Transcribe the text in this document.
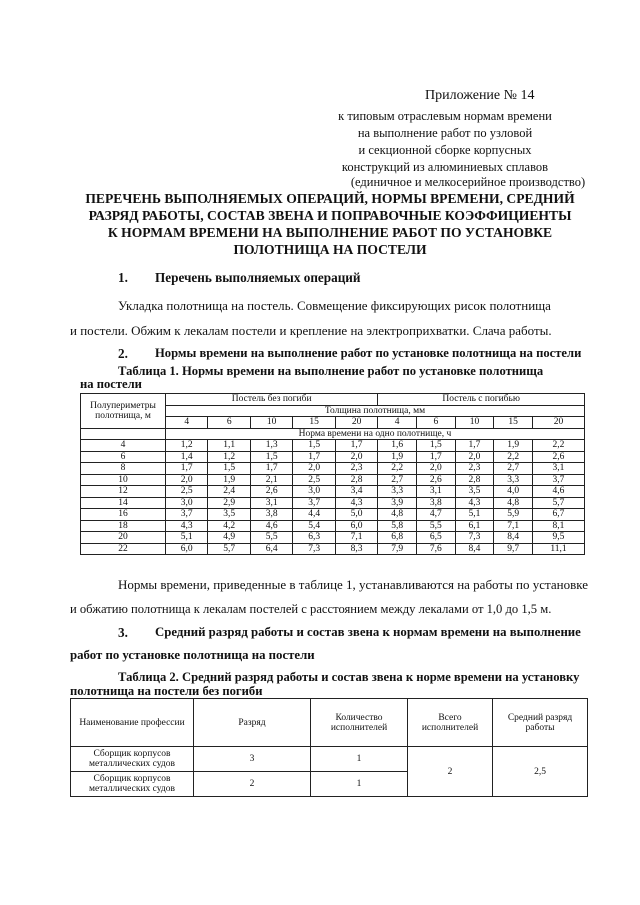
Приложение № 14
к типовым отраслевым нормам времени
на выполнение работ по узловой
и секционной сборке корпусных
конструкций из алюминиевых сплавов
(единичное и мелкосерийное производство)
ПЕРЕЧЕНЬ ВЫПОЛНЯЕМЫХ ОПЕРАЦИЙ, НОРМЫ ВРЕМЕНИ, СРЕДНИЙ
РАЗРЯД РАБОТЫ, СОСТАВ ЗВЕНА И ПОПРАВОЧНЫЕ КОЭФФИЦИЕНТЫ
К НОРМАМ ВРЕМЕНИ НА ВЫПОЛНЕНИЕ РАБОТ ПО УСТАНОВКЕ
ПОЛОТНИЩА НА ПОСТЕЛИ
1. Перечень выполняемых операций
Укладка полотнища на постель. Совмещение фиксирующих рисок полотнища
и постели. Обжим к лекалам постели и крепление на электроприхватки. Слача работы.
2. Нормы времени на выполнение работ по установке полотнища на постели
Таблица 1. Нормы времени на выполнение работ по установке полотнища
на постели
Полупериметры полотнища, м	Постель без погиби					Постель с погибью				
	Толщина полотнища, мм									
	4	6	10	15	20	4	6	10	15	20
	Норма времени на одно полотнище, ч									
4	1,2	1,1	1,3	1,5	1,7	1,6	1,5	1,7	1,9	2,2
6	1,4	1,2	1,5	1,7	2,0	1,9	1,7	2,0	2,2	2,6
8	1,7	1,5	1,7	2,0	2,3	2,2	2,0	2,3	2,7	3,1
10	2,0	1,9	2,1	2,5	2,8	2,7	2,6	2,8	3,3	3,7
12	2,5	2,4	2,6	3,0	3,4	3,3	3,1	3,5	4,0	4,6
14	3,0	2,9	3,1	3,7	4,3	3,9	3,8	4,3	4,8	5,7
16	3,7	3,5	3,8	4,4	5,0	4,8	4,7	5,1	5,9	6,7
18	4,3	4,2	4,6	5,4	6,0	5,8	5,5	6,1	7,1	8,1
20	5,1	4,9	5,5	6,3	7,1	6,8	6,5	7,3	8,4	9,5
22	6,0	5,7	6,4	7,3	8,3	7,9	7,6	8,4	9,7	11,1
Нормы времени, приведенные в таблице 1, устанавливаются на работы по установке
и обжатию полотнища к лекалам постелей с расстоянием между лекалами от 1,0 до 1,5 м.
3. Средний разряд работы и состав звена к нормам времени на выполнение
работ по установке полотнища на постели
Таблица 2. Средний разряд работы и состав звена к норме времени на установку
полотнища на постели без погиби
Наименование профессии	Разряд	Количество исполнителей	Всего исполнителей	Средний разряд работы
Сборщик корпусов металлических судов	3	1	2	2,5
Сборщик корпусов металлических судов	2	1		
